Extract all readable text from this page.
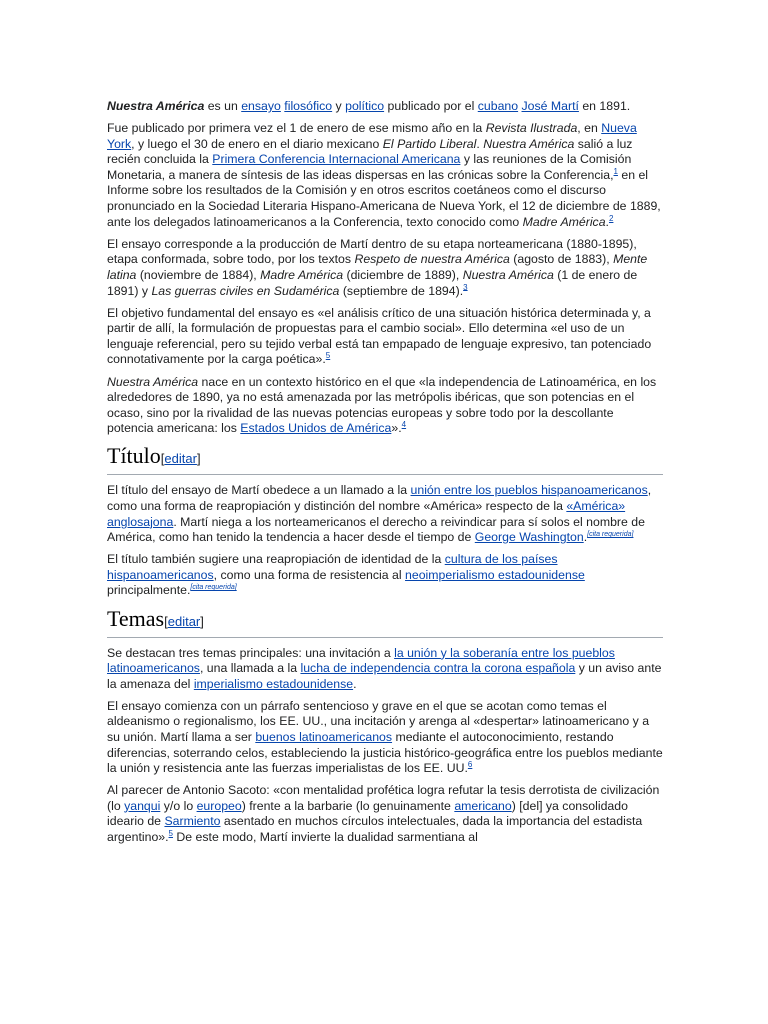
Nuestra América es un ensayo filosófico y político publicado por el cubano José Martí en 1891.

Fue publicado por primera vez el 1 de enero de ese mismo año en la Revista Ilustrada, en Nueva York, y luego el 30 de enero en el diario mexicano El Partido Liberal. Nuestra América salió a luz recién concluida la Primera Conferencia Internacional Americana y las reuniones de la Comisión Monetaria, a manera de síntesis de las ideas dispersas en las crónicas sobre la Conferencia,$^1$ en el Informe sobre los resultados de la Comisión y en otros escritos coetáneos como el discurso pronunciado en la Sociedad Literaria Hispano-Americana de Nueva York, el 12 de diciembre de 1889, ante los delegados latinoamericanos a la Conferencia, texto conocido como Madre América.$^2$

El ensayo corresponde a la producción de Martí dentro de su etapa norteamericana (1880-1895), etapa conformada, sobre todo, por los textos Respeto de nuestra América (agosto de 1883), Mente latina (noviembre de 1884), Madre América (diciembre de 1889), Nuestra América (1 de enero de 1891) y Las guerras civiles en Sudamérica (septiembre de 1894).$^3$

El objetivo fundamental del ensayo es «el análisis crítico de una situación histórica determinada y, a partir de allí, la formulación de propuestas para el cambio social». Ello determina «el uso de un lenguaje referencial, pero su tejido verbal está tan empapado de lenguaje expresivo, tan potenciado connotativamente por la carga poética».$^5$

Nuestra América nace en un contexto histórico en el que «la independencia de Latinoamérica, en los alrededores de 1890, ya no está amenazada por las metrópolis ibéricas, que son potencias en el ocaso, sino por la rivalidad de las nuevas potencias europeas y sobre todo por la descollante potencia americana: los Estados Unidos de América».$^4$

Título[editar]

El título del ensayo de Martí obedece a un llamado a la unión entre los pueblos hispanoamericanos, como una forma de reapropiación y distinción del nombre «América» respecto de la «América» anglosajona. Martí niega a los norteamericanos el derecho a reivindicar para sí solos el nombre de América, como han tenido la tendencia a hacer desde el tiempo de George Washington.[cita requerida]

El título también sugiere una reapropiación de identidad de la cultura de los países hispanoamericanos, como una forma de resistencia al neoimperialismo estadounidense principalmente.[cita requerida]

Temas[editar]

Se destacan tres temas principales: una invitación a la unión y la soberanía entre los pueblos latinoamericanos, una llamada a la lucha de independencia contra la corona española y un aviso ante la amenaza del imperialismo estadounidense.

El ensayo comienza con un párrafo sentencioso y grave en el que se acotan como temas el aldeanismo o regionalismo, los EE. UU., una incitación y arenga al «despertar» latinoamericano y a su unión. Martí llama a ser buenos latinoamericanos mediante el autoconocimiento, restando diferencias, soterrando celos, estableciendo la justicia histórico-geográfica entre los pueblos mediante la unión y resistencia ante las fuerzas imperialistas de los EE. UU.$^6$

Al parecer de Antonio Sacoto: «con mentalidad profética logra refutar la tesis derrotista de civilización (lo yanqui y/o lo europeo) frente a la barbarie (lo genuinamente americano) [del] ya consolidado ideario de Sarmiento asentado en muchos círculos intelectuales, dada la importancia del estadista argentino».$^5$ De este modo, Martí invierte la dualidad sarmentiana al
